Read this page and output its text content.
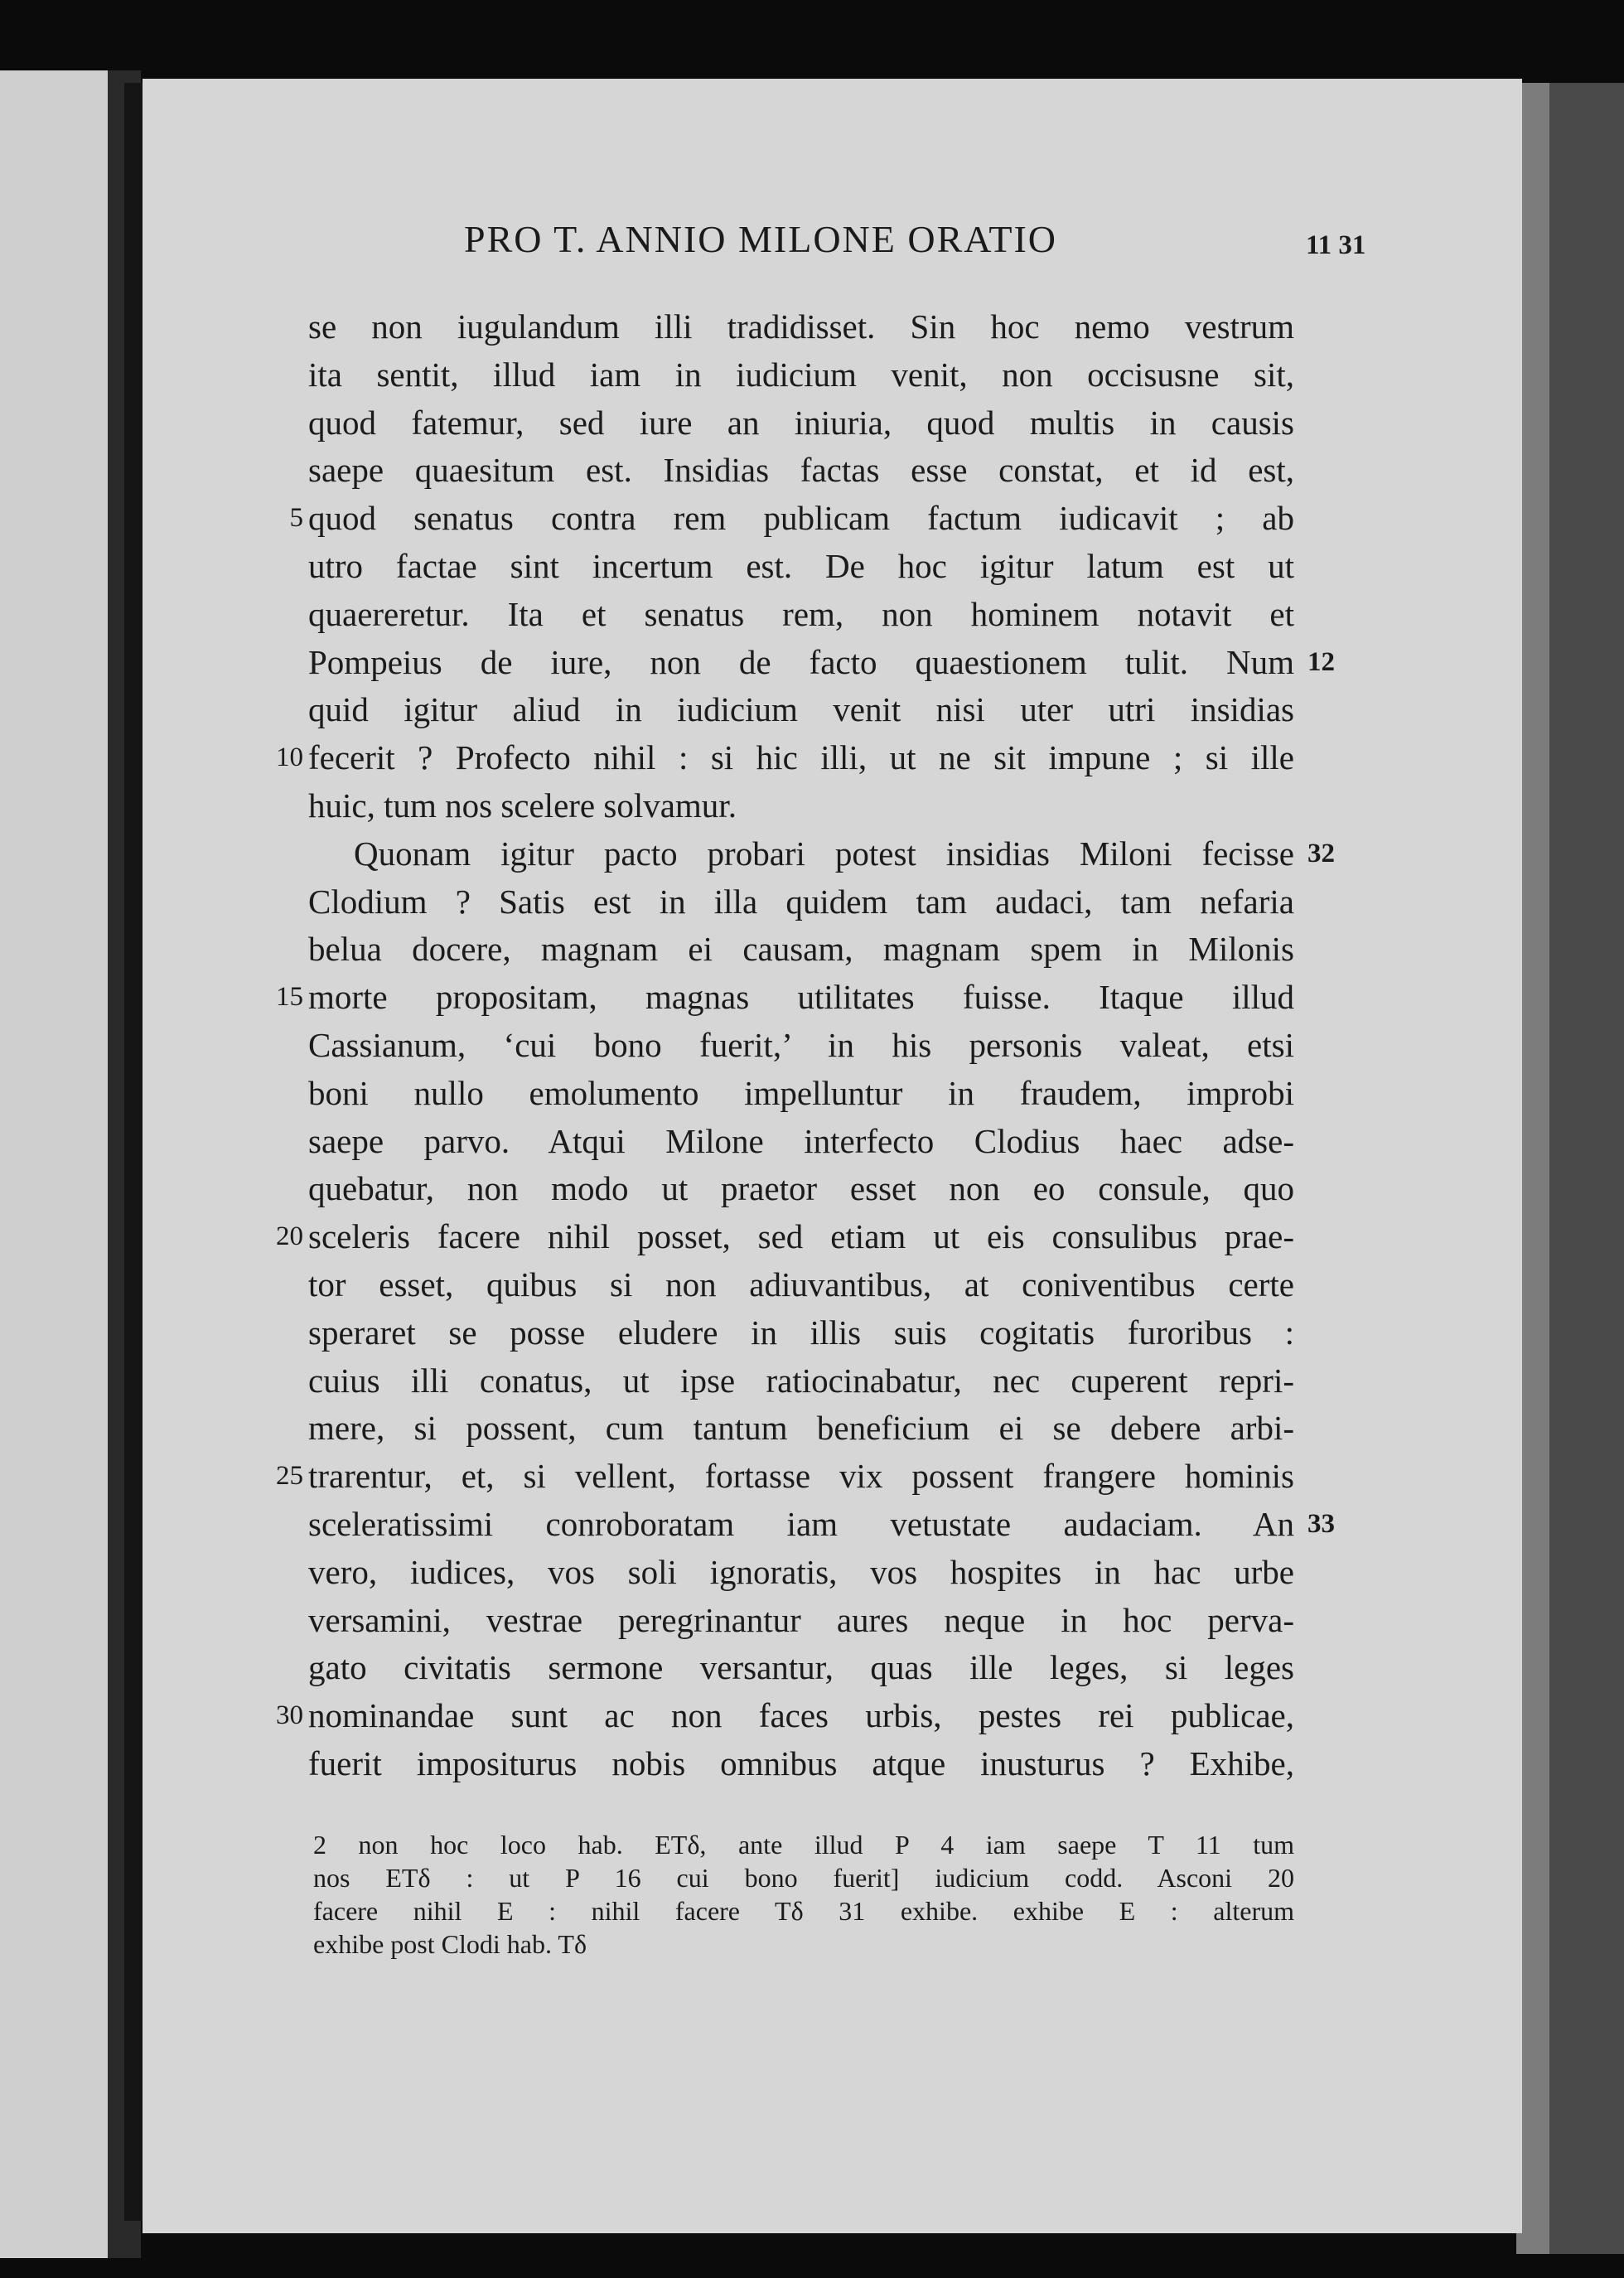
PRO T. ANNIO MILONE ORATIO	11 31
se non iugulandum illi tradidisset. Sin hoc nemo vestrum
ita sentit, illud iam in iudicium venit, non occisusne sit,
quod fatemur, sed iure an iniuria, quod multis in causis
saepe quaesitum est. Insidias factas esse constat, et id est,
quod senatus contra rem publicam factum iudicavit ; ab
utro factae sint incertum est. De hoc igitur latum est ut
quaereretur. Ita et senatus rem, non hominem notavit et
Pompeius de iure, non de facto quaestionem tulit. Num
quid igitur aliud in iudicium venit nisi uter utri insidias
fecerit ? Profecto nihil : si hic illi, ut ne sit impune ; si ille
huic, tum nos scelere solvamur.
Quonam igitur pacto probari potest insidias Miloni fecisse
Clodium ? Satis est in illa quidem tam audaci, tam nefaria
belua docere, magnam ei causam, magnam spem in Milonis
morte propositam, magnas utilitates fuisse. Itaque illud
Cassianum, ‘cui bono fuerit,’ in his personis valeat, etsi
boni nullo emolumento impelluntur in fraudem, improbi
saepe parvo. Atqui Milone interfecto Clodius haec adse-
quebatur, non modo ut praetor esset non eo consule, quo
sceleris facere nihil posset, sed etiam ut eis consulibus prae-
tor esset, quibus si non adiuvantibus, at coniventibus certe
speraret se posse eludere in illis suis cogitatis furoribus :
cuius illi conatus, ut ipse ratiocinabatur, nec cuperent repri-
mere, si possent, cum tantum beneficium ei se debere arbi-
trarentur, et, si vellent, fortasse vix possent frangere hominis
sceleratissimi conroboratam iam vetustate audaciam. An
vero, iudices, vos soli ignoratis, vos hospites in hac urbe
versamini, vestrae peregrinantur aures neque in hoc perva-
gato civitatis sermone versantur, quas ille leges, si leges
nominandae sunt ac non faces urbis, pestes rei publicae,
fuerit impositurus nobis omnibus atque inusturus ? Exhibe,
5
10
15
20
25
30
12
32
33
2 non hoc loco hab. ETδ, ante illud P 4 iam saepe T 11 tum
nos ETδ : ut P 16 cui bono fuerit] iudicium codd. Asconi 20
facere nihil E : nihil facere Tδ 31 exhibe. exhibe E : alterum
exhibe post Clodi hab. Tδ
